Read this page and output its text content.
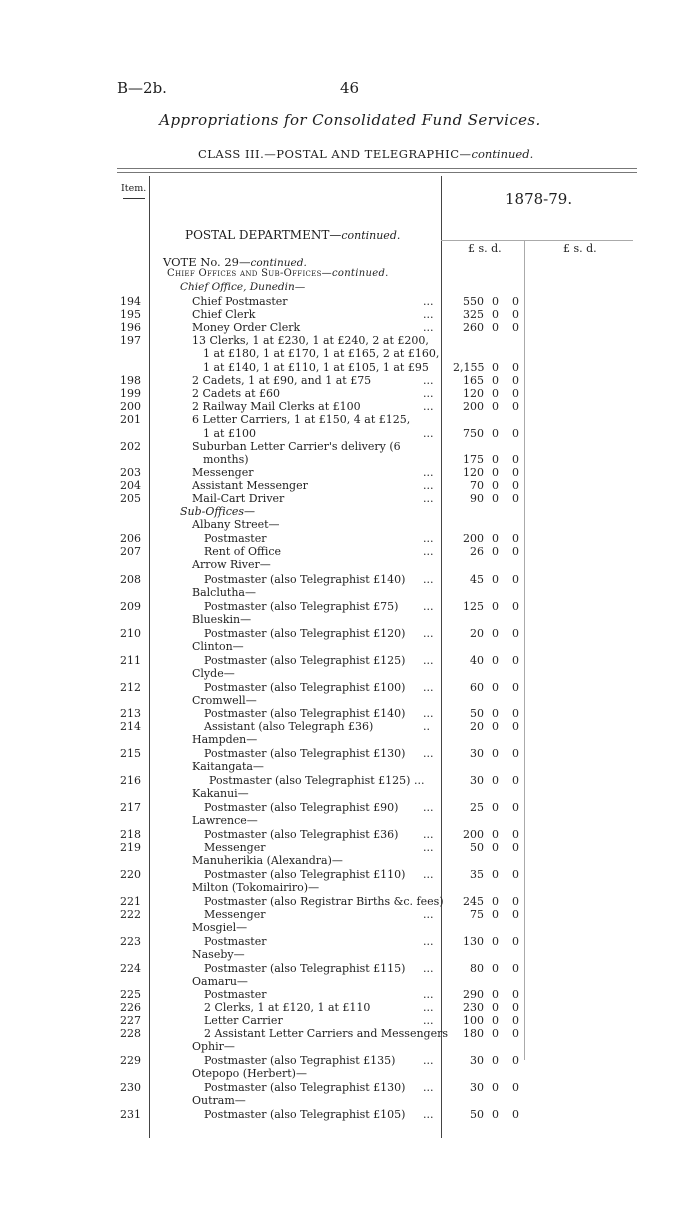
B—2b.	46
Appropriations for Consolidated Fund Services.
CLASS III.—POSTAL AND TELEGRAPHIC—continued.
Item.
1878-79.
POSTAL DEPARTMENT—continued.
£ s. d.	£ s. d.
VOTE No. 29—continued.
Chief Offices and Sub-Offices—continued.
Chief Office, Dunedin—
194	Chief Postmaster	...	550 0 0
195	Chief Clerk	...	325 0 0
196	Money Order Clerk	...	260 0 0
197	13 Clerks, 1 at £230, 1 at £240, 2 at £200,
1 at £180, 1 at £170, 1 at £165, 2 at £160,
1 at £140, 1 at £110, 1 at £105, 1 at £95 2,155 0 0
198	2 Cadets, 1 at £90, and 1 at £75	...	165 0 0
199	2 Cadets at £60	...	120 0 0
200	2 Railway Mail Clerks at £100	...	200 0 0
201	6 Letter Carriers, 1 at £150, 4 at £125,
1 at £100	...	750 0 0
202	Suburban Letter Carrier's delivery (6
months)	175 0 0
203	Messenger	...	120 0 0
204	Assistant Messenger	...	70 0 0
205	Mail-Cart Driver	...	90 0 0
Sub-Offices—
Albany Street—
206	Postmaster	...	200 0 0
207	Rent of Office	...	26 0 0
Arrow River—
208	Postmaster (also Telegraphist £140) ...	45 0 0
Balclutha—
209	Postmaster (also Telegraphist £75) ...	125 0 0
Blueskin—
210	Postmaster (also Telegraphist £120) ...	20 0 0
Clinton—
211	Postmaster (also Telegraphist £125) ...	40 0 0
Clyde—
212	Postmaster (also Telegraphist £100) ...	60 0 0
Cromwell—
213	Postmaster (also Telegraphist £140) ...	50 0 0
214	Assistant (also Telegraph £36)	..	20 0 0
Hampden—
215	Postmaster (also Telegraphist £130) ...	30 0 0
Kaitangata—
216	Postmaster (also Telegraphist £125) ...	30 0 0
Kakanui—
217	Postmaster (also Telegraphist £90) ...	25 0 0
Lawrence—
218	Postmaster (also Telegraphist £36) ...	200 0 0
219	Messenger	...	50 0 0
Manuherikia (Alexandra)—
220	Postmaster (also Telegraphist £110) ...	35 0 0
Milton (Tokomairiro)—
221	Postmaster (also Registrar Births &c. fees)	245 0 0
222	Messenger	...	75 0 0
Mosgiel—
223	Postmaster	...	130 0 0
Naseby—
224	Postmaster (also Telegraphist £115) ...	80 0 0
Oamaru—
225	Postmaster	...	290 0 0
226	2 Clerks, 1 at £120, 1 at £110	...	230 0 0
227	Letter Carrier	...	100 0 0
228	2 Assistant Letter Carriers and Messengers	180 0 0
Ophir—
229	Postmaster (also Tegraphist £135)	...	30 0 0
Otepopo (Herbert)—
230	Postmaster (also Telegraphist £130) ...	30 0 0
Outram—
231	Postmaster (also Telegraphist £105) ...	50 0 0
